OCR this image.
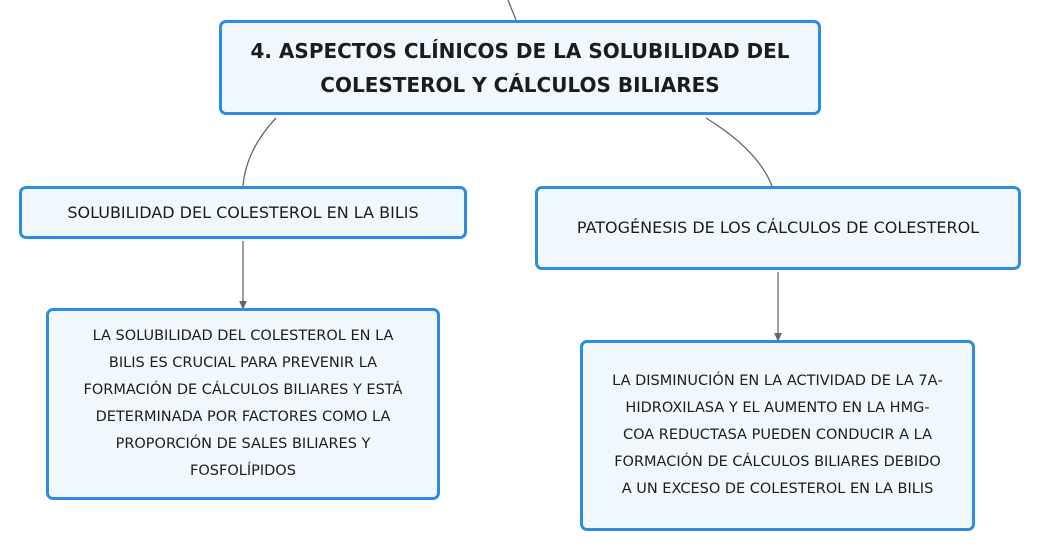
4. ASPECTOS CLÍNICOS DE LA SOLUBILIDAD DEL
COLESTEROL Y CÁLCULOS BILIARES
SOLUBILIDAD DEL COLESTEROL EN LA BILIS
PATOGÉNESIS DE LOS CÁLCULOS DE COLESTEROL
LA SOLUBILIDAD DEL COLESTEROL EN LA
BILIS ES CRUCIAL PARA PREVENIR LA
FORMACIÓN DE CÁLCULOS BILIARES Y ESTÁ
DETERMINADA POR FACTORES COMO LA
PROPORCIÓN DE SALES BILIARES Y
FOSFOLÍPIDOS
LA DISMINUCIÓN EN LA ACTIVIDAD DE LA 7Α-
HIDROXILASA Y EL AUMENTO EN LA HMG-
COA REDUCTASA PUEDEN CONDUCIR A LA
FORMACIÓN DE CÁLCULOS BILIARES DEBIDO
A UN EXCESO DE COLESTEROL EN LA BILIS
